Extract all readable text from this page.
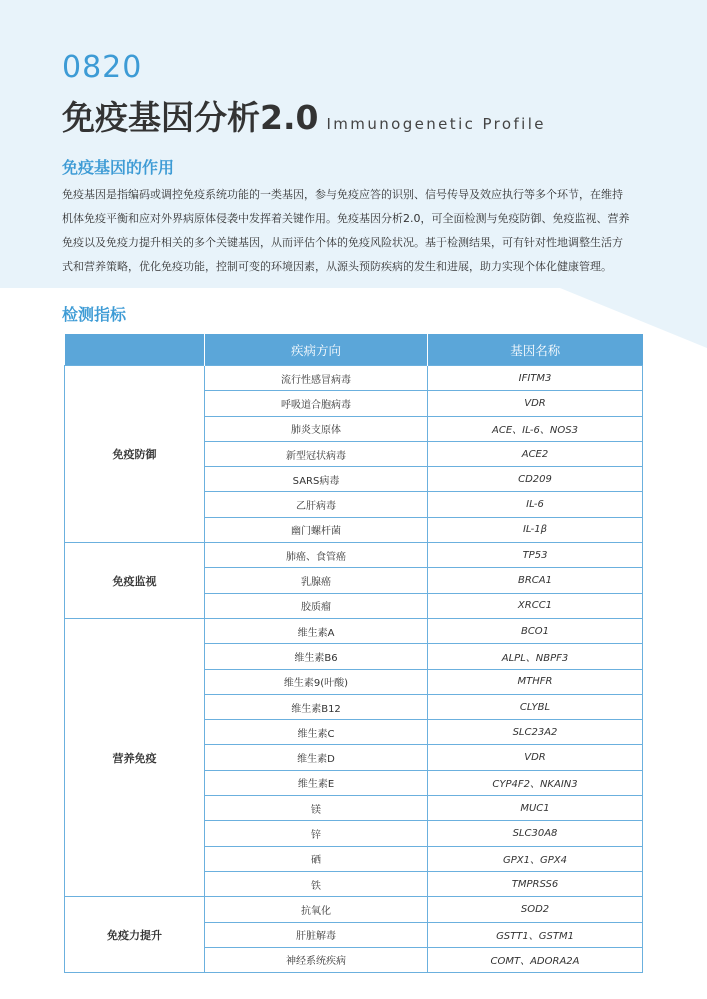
0820
免疫基因分析2.0 Immunogenetic Profile
免疫基因的作用

免疫基因是指编码或调控免疫系统功能的一类基因，参与免疫应答的识别、信号传导及效应执行等多个环节，在维持
机体免疫平衡和应对外界病原体侵袭中发挥着关键作用。免疫基因分析2.0，可全面检测与免疫防御、免疫监视、营养
免疫以及免疫力提升相关的多个关键基因，从而评估个体的免疫风险状况。基于检测结果，可有针对性地调整生活方
式和营养策略，优化免疫功能，控制可变的环境因素，从源头预防疾病的发生和进展，助力实现个体化健康管理。

检测指标
	疾病方向	基因名称
免疫防御	流行性感冒病毒	IFITM3
	呼吸道合胞病毒	VDR
	肺炎支原体	ACE、IL-6、NOS3
	新型冠状病毒	ACE2
	SARS病毒	CD209
	乙肝病毒	IL-6
	幽门螺杆菌	IL-1β
免疫监视	肺癌、食管癌	TP53
	乳腺癌	BRCA1
	胶质瘤	XRCC1
营养免疫	维生素A	BCO1
	维生素B6	ALPL、NBPF3
	维生素9(叶酸)	MTHFR
	维生素B12	CLYBL
	维生素C	SLC23A2
	维生素D	VDR
	维生素E	CYP4F2、NKAIN3
	镁	MUC1
	锌	SLC30A8
	硒	GPX1、GPX4
	铁	TMPRSS6
免疫力提升	抗氧化	SOD2
	肝脏解毒	GSTT1、GSTM1
	神经系统疾病	COMT、ADORA2A
